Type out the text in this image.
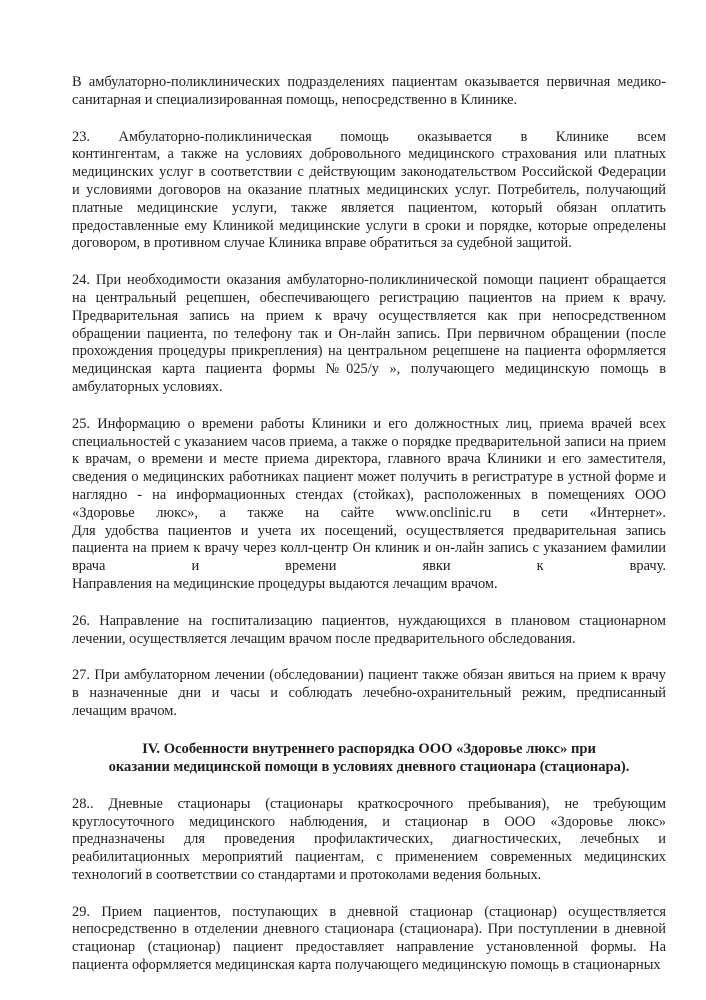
В амбулаторно-поликлинических подразделениях пациентам оказывается первичная медико-
санитарная и специализированная помощь, непосредственно в Клинике.
23. Амбулаторно-поликлиническая помощь оказывается в Клинике всем
контингентам, а также на условиях добровольного медицинского страхования или платных
медицинских услуг в соответствии с действующим законодательством Российской Федерации
и условиями договоров на оказание платных медицинских услуг. Потребитель, получающий
платные медицинские услуги, также является пациентом, который обязан оплатить
предоставленные ему Клиникой медицинские услуги в сроки и порядке, которые определены
договором, в противном случае Клиника вправе обратиться за судебной защитой.
24. При необходимости оказания амбулаторно-поликлинической помощи пациент обращается
на центральный рецепшен, обеспечивающего регистрацию пациентов на прием к врачу.
Предварительная запись на прием к врачу осуществляется как при непосредственном
обращении пациента, по телефону так и Он-лайн запись. При первичном обращении (после
прохождения процедуры прикрепления) на центральном рецепшене на пациента оформляется
медицинская карта пациента формы №025/у », получающего медицинскую помощь в
амбулаторных условиях.
25. Информацию о времени работы Клиники и его должностных лиц, приема врачей всех
специальностей с указанием часов приема, а также о порядке предварительной записи на прием
к врачам, о времени и месте приема директора, главного врача Клиники и его заместителя,
сведения о медицинских работниках пациент может получить в регистратуре в устной форме и
наглядно - на информационных стендах (стойках), расположенных в помещениях ООО
«Здоровье люкс», а также на сайте www.onclinic.ru в сети «Интернет».
Для удобства пациентов и учета их посещений, осуществляется предварительная запись
пациента на прием к врачу через колл-центр Он клиник и он-лайн запись с указанием фамилии
врача и времени явки к врачу.
Направления на медицинские процедуры выдаются лечащим врачом.
26. Направление на госпитализацию пациентов, нуждающихся в плановом стационарном
лечении, осуществляется лечащим врачом после предварительного обследования.
27. При амбулаторном лечении (обследовании) пациент также обязан явиться на прием к врачу
в назначенные дни и часы и соблюдать лечебно-охранительный режим, предписанный
лечащим врачом.
IV. Особенности внутреннего распорядка ООО «Здоровье люкс» при
оказании медицинской помощи в условиях дневного стационара (стационара).
28.. Дневные стационары (стационары краткосрочного пребывания), не требующим
круглосуточного медицинского наблюдения, и стационар в ООО «Здоровье люкс»
предназначены для проведения профилактических, диагностических, лечебных и
реабилитационных мероприятий пациентам, с применением современных медицинских
технологий в соответствии со стандартами и протоколами ведения больных.
29. Прием пациентов, поступающих в дневной стационар (стационар) осуществляется
непосредственно в отделении дневного стационара (стационара). При поступлении в дневной
стационар (стационар) пациент предоставляет направление установленной формы. На
пациента оформляется медицинская карта получающего медицинскую помощь в стационарных
